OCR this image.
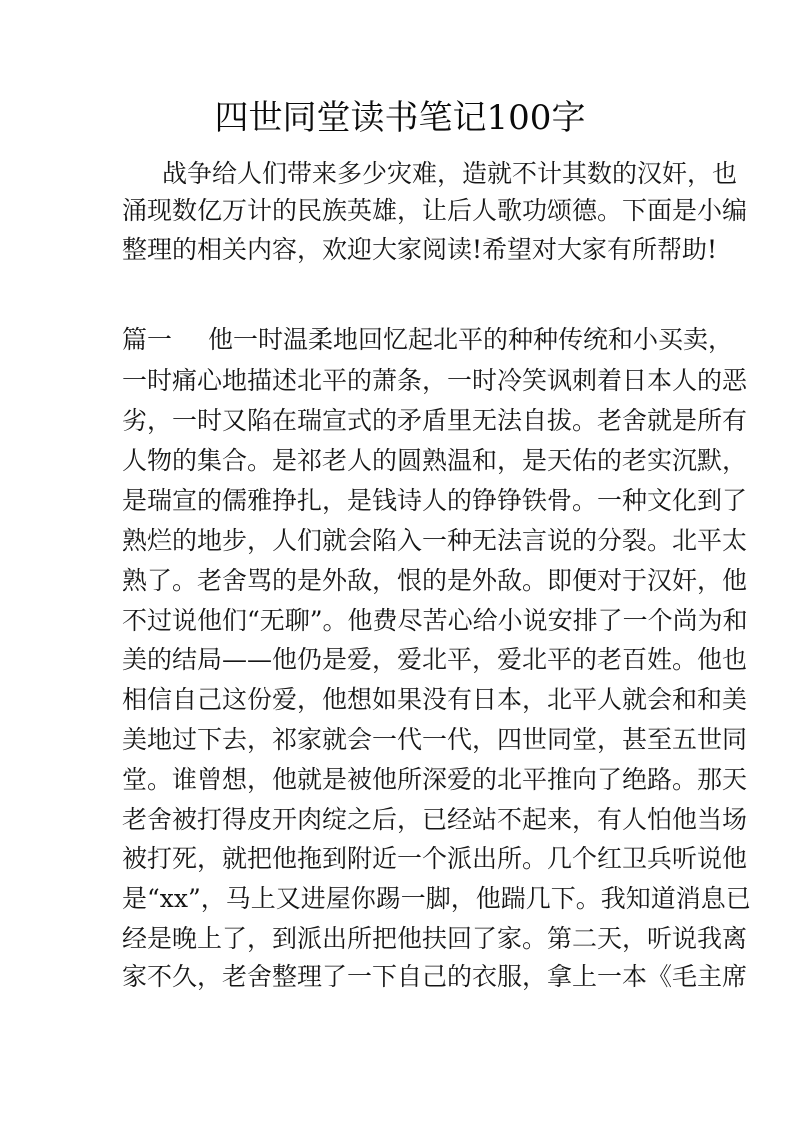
四世同堂读书笔记100字
战争给人们带来多少灾难，造就不计其数的汉奸，也
涌现数亿万计的民族英雄，让后人歌功颂德。下面是小编
整理的相关内容，欢迎大家阅读!希望对大家有所帮助!
篇一 他一时温柔地回忆起北平的种种传统和小买卖，
一时痛心地描述北平的萧条，一时冷笑讽刺着日本人的恶
劣，一时又陷在瑞宣式的矛盾里无法自拔。老舍就是所有
人物的集合。是祁老人的圆熟温和，是天佑的老实沉默，
是瑞宣的儒雅挣扎，是钱诗人的铮铮铁骨。一种文化到了
熟烂的地步，人们就会陷入一种无法言说的分裂。北平太
熟了。老舍骂的是外敌，恨的是外敌。即便对于汉奸，他
不过说他们“无聊”。他费尽苦心给小说安排了一个尚为和
美的结局——他仍是爱，爱北平，爱北平的老百姓。他也
相信自己这份爱，他想如果没有日本，北平人就会和和美
美地过下去，祁家就会一代一代，四世同堂，甚至五世同
堂。谁曾想，他就是被他所深爱的北平推向了绝路。那天
老舍被打得皮开肉绽之后，已经站不起来，有人怕他当场
被打死，就把他拖到附近一个派出所。几个红卫兵听说他
是“xx”，马上又进屋你踢一脚，他踹几下。我知道消息已
经是晚上了，到派出所把他扶回了家。第二天，听说我离
家不久，老舍整理了一下自己的衣服，拿上一本《毛主席
